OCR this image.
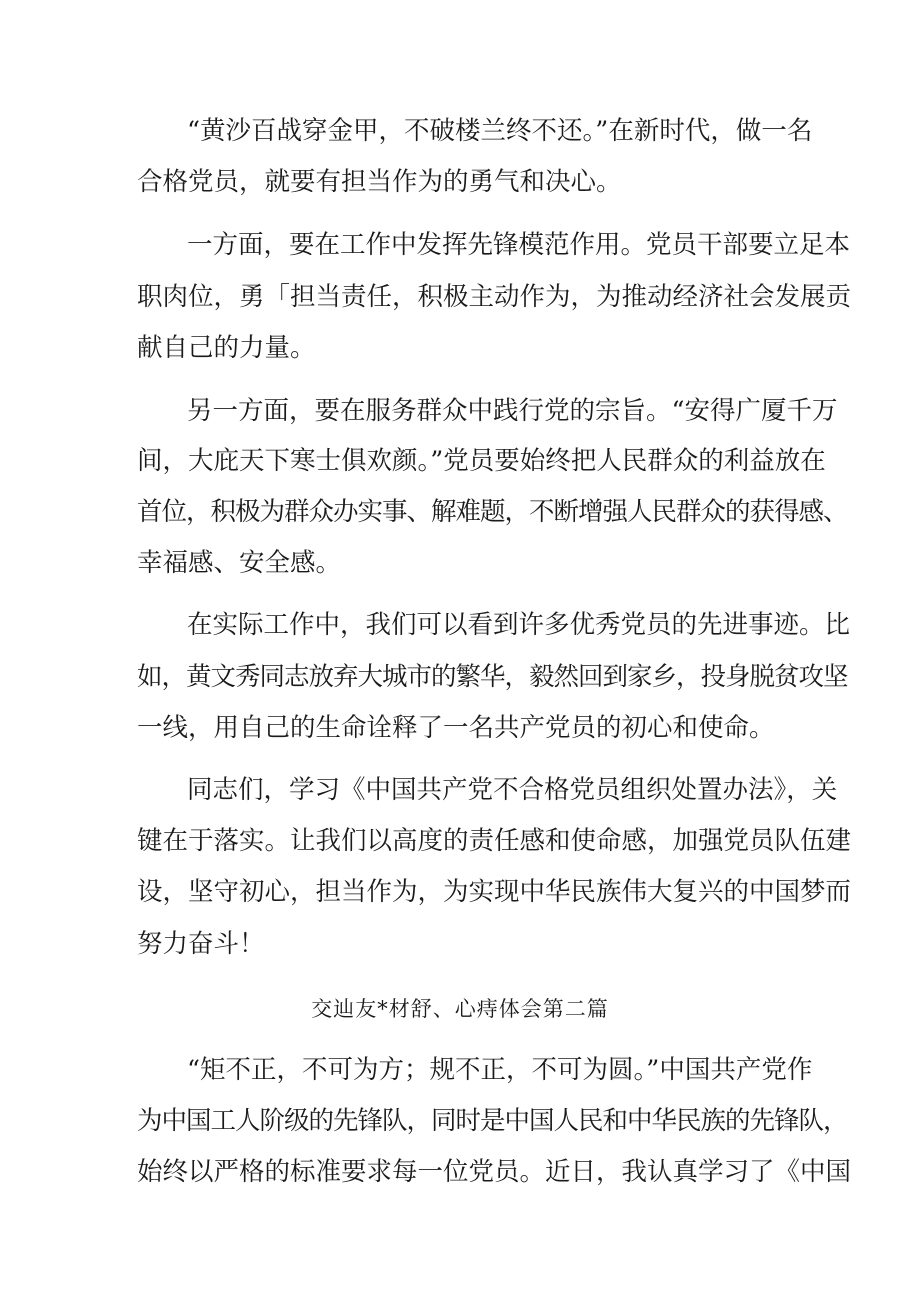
“黄沙百战穿金甲，不破楼兰终不还。”在新时代，做一名
合格党员，就要有担当作为的勇气和决心。
一方面，要在工作中发挥先锋模范作用。党员干部要立足本
职肉位，勇「担当责任，积极主动作为，为推动经济社会发展贡
献自己的力量。
另一方面，要在服务群众中践行党的宗旨。“安得广厦千万
间，大庇天下寒士俱欢颜。”党员要始终把人民群众的利益放在
首位，积极为群众办实事、解难题，不断增强人民群众的获得感、
幸福感、安全感。
在实际工作中，我们可以看到许多优秀党员的先进事迹。比
如，黄文秀同志放弃大城市的繁华，毅然回到家乡，投身脱贫攻坚
一线，用自己的生命诠释了一名共产党员的初心和使命。
同志们，学习《中国共产党不合格党员组织处置办法》，关
键在于落实。让我们以高度的责任感和使命感，加强党员队伍建
设，坚守初心，担当作为，为实现中华民族伟大复兴的中国梦而
努力奋斗！
交辿友*材舒、心痔体会第二篇
“矩不正，不可为方；规不正，不可为圆。”中国共产党作
为中国工人阶级的先锋队，同时是中国人民和中华民族的先锋队，
始终以严格的标准要求每一位党员。近日，我认真学习了《中国
